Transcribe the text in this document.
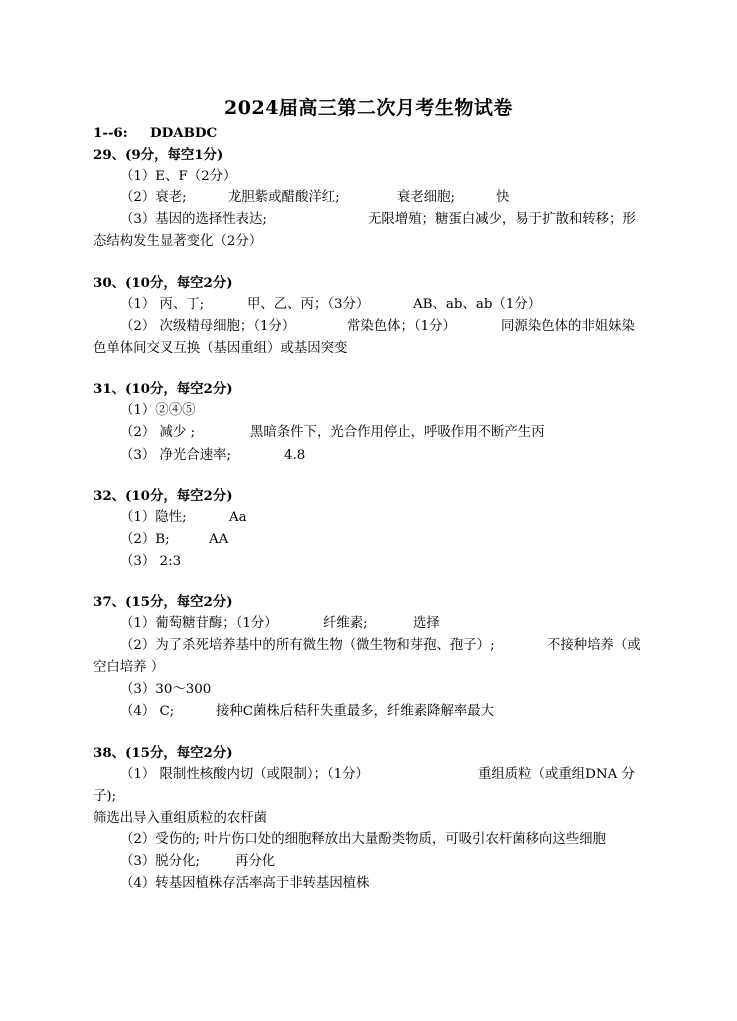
2024届高三第二次月考生物试卷
1--6: DDABDC
29、(9分，每空1分)
（1）E、F（2分）
（2）衰老;	龙胆紫或醋酸洋红;	衰老细胞;	快
（3）基因的选择性表达;	无限增殖；糖蛋白减少，易于扩散和转移；形
态结构发生显著变化（2分）
30、(10分，每空2分)
（1） 丙、丁;	甲、乙、丙；（3分）	AB、ab、ab（1分）
（2） 次级精母细胞；（1分）	常染色体；（1分）	同源染色体的非姐妹染
色单体间交叉互换（基因重组）或基因突变
31、(10分，每空2分)
（1）②④⑤
（2） 减少 ;	黑暗条件下，光合作用停止，呼吸作用不断产生丙
（3） 净光合速率;	4.8
32、(10分，每空2分)
（1）隐性;	Aa
（2）B;	AA
（3） 2:3
37、(15分，每空2分)
（1）葡萄糖苷酶；（1分）	纤维素;	选择
（2）为了杀死培养基中的所有微生物（微生物和芽孢、孢子）;	不接种培养（或
空白培养 ）
（3）30～300
（4） C;	接种C菌株后秸秆失重最多，纤维素降解率最大
38、(15分，每空2分)
（1） 限制性核酸内切（或限制）；（1分）	重组质粒（或重组DNA 分
子);
筛选出导入重组质粒的农杆菌
（2）受伤的; 叶片伤口处的细胞释放出大量酚类物质，可吸引农杆菌移向这些细胞
（3）脱分化;	再分化
（4）转基因植株存活率高于非转基因植株
